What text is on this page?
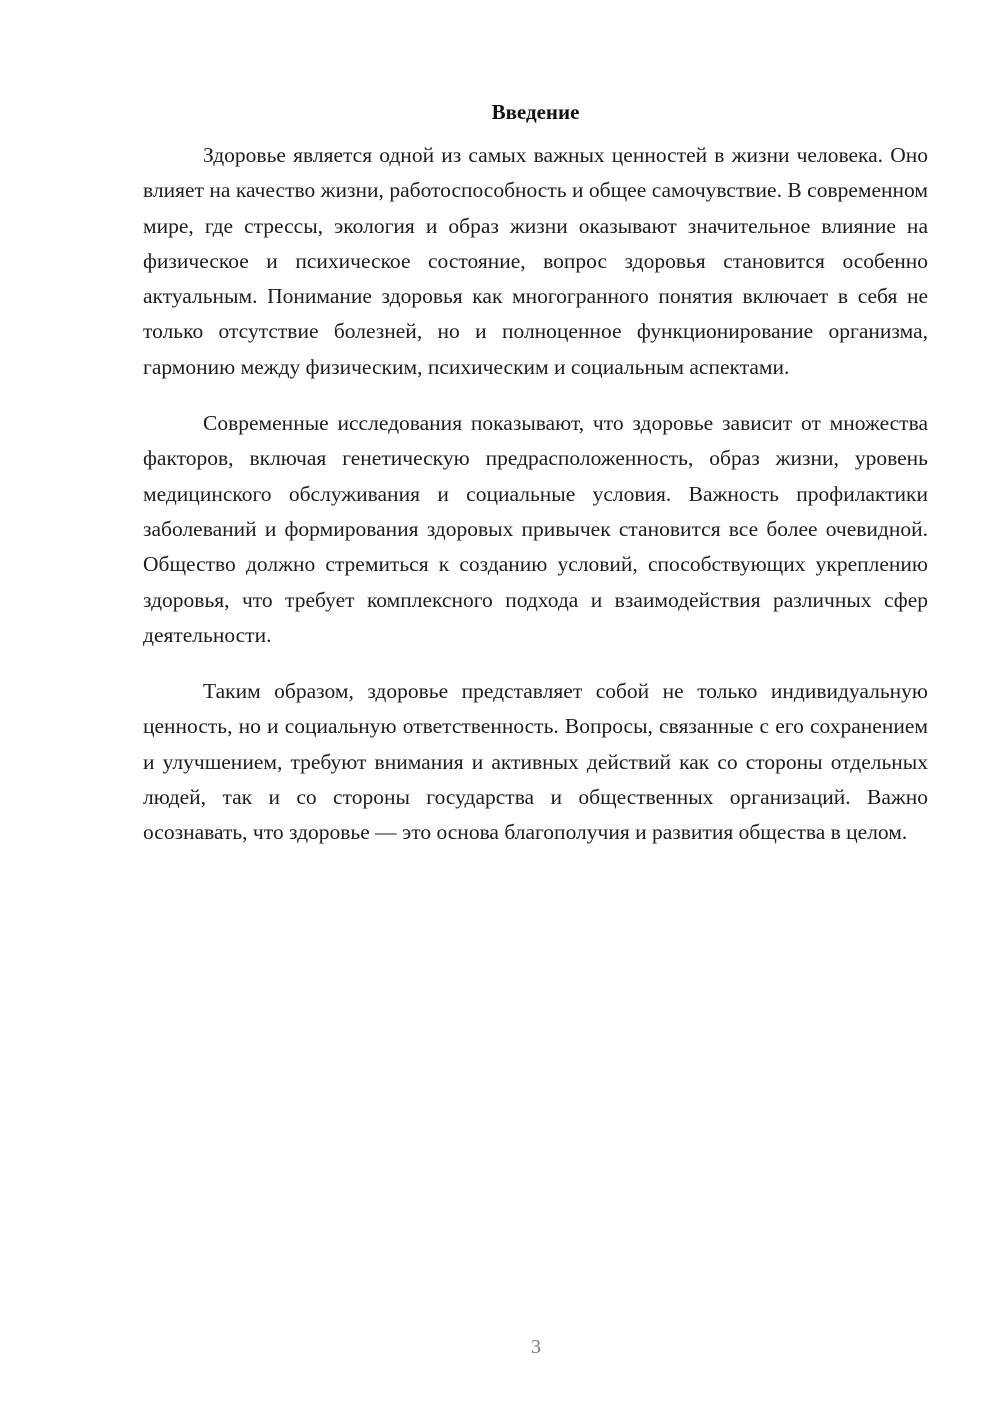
Введение

Здоровье является одной из самых важных ценностей в жизни человека. Оно влияет на качество жизни, работоспособность и общее самочувствие. В современном мире, где стрессы, экология и образ жизни оказывают значительное влияние на физическое и психическое состояние, вопрос здоровья становится особенно актуальным. Понимание здоровья как многогранного понятия включает в себя не только отсутствие болезней, но и полноценное функционирование организма, гармонию между физическим, психическим и социальным аспектами.

Современные исследования показывают, что здоровье зависит от множества факторов, включая генетическую предрасположенность, образ жизни, уровень медицинского обслуживания и социальные условия. Важность профилактики заболеваний и формирования здоровых привычек становится все более очевидной. Общество должно стремиться к созданию условий, способствующих укреплению здоровья, что требует комплексного подхода и взаимодействия различных сфер деятельности.

Таким образом, здоровье представляет собой не только индивидуальную ценность, но и социальную ответственность. Вопросы, связанные с его сохранением и улучшением, требуют внимания и активных действий как со стороны отдельных людей, так и со стороны государства и общественных организаций. Важно осознавать, что здоровье — это основа благополучия и развития общества в целом.

3
